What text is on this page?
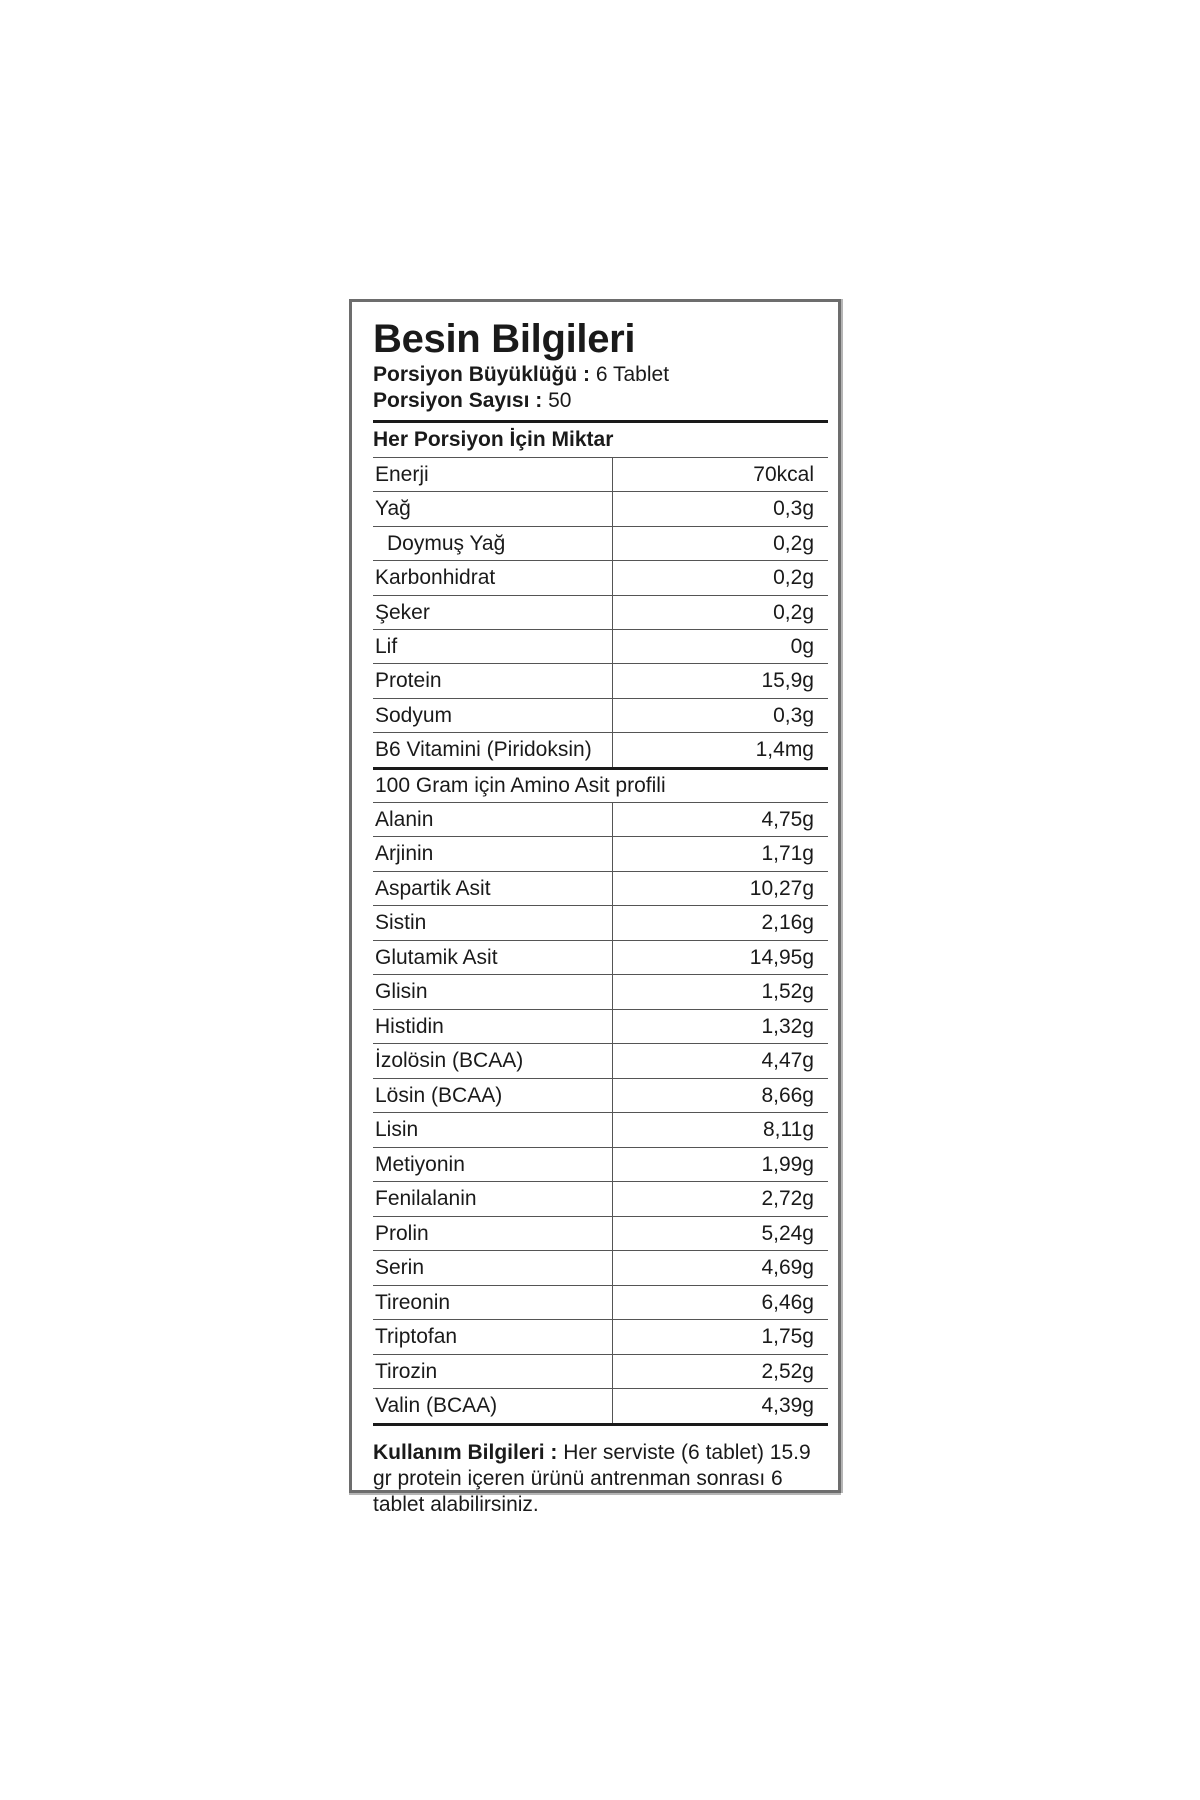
Besin Bilgileri
Porsiyon Büyüklüğü : 6 Tablet
Porsiyon Sayısı : 50
Her Porsiyon İçin Miktar
Enerji	70kcal
Yağ	0,3g
Doymuş Yağ	0,2g
Karbonhidrat	0,2g
Şeker	0,2g
Lif	0g
Protein	15,9g
Sodyum	0,3g
B6 Vitamini (Piridoksin)	1,4mg
100 Gram için Amino Asit profili
Alanin	4,75g
Arjinin	1,71g
Aspartik Asit	10,27g
Sistin	2,16g
Glutamik Asit	14,95g
Glisin	1,52g
Histidin	1,32g
İzolösin (BCAA)	4,47g
Lösin (BCAA)	8,66g
Lisin	8,11g
Metiyonin	1,99g
Fenilalanin	2,72g
Prolin	5,24g
Serin	4,69g
Tireonin	6,46g
Triptofan	1,75g
Tirozin	2,52g
Valin (BCAA)	4,39g
Kullanım Bilgileri : Her serviste (6 tablet) 15.9 gr protein içeren ürünü antrenman sonrası 6 tablet alabilirsiniz.
